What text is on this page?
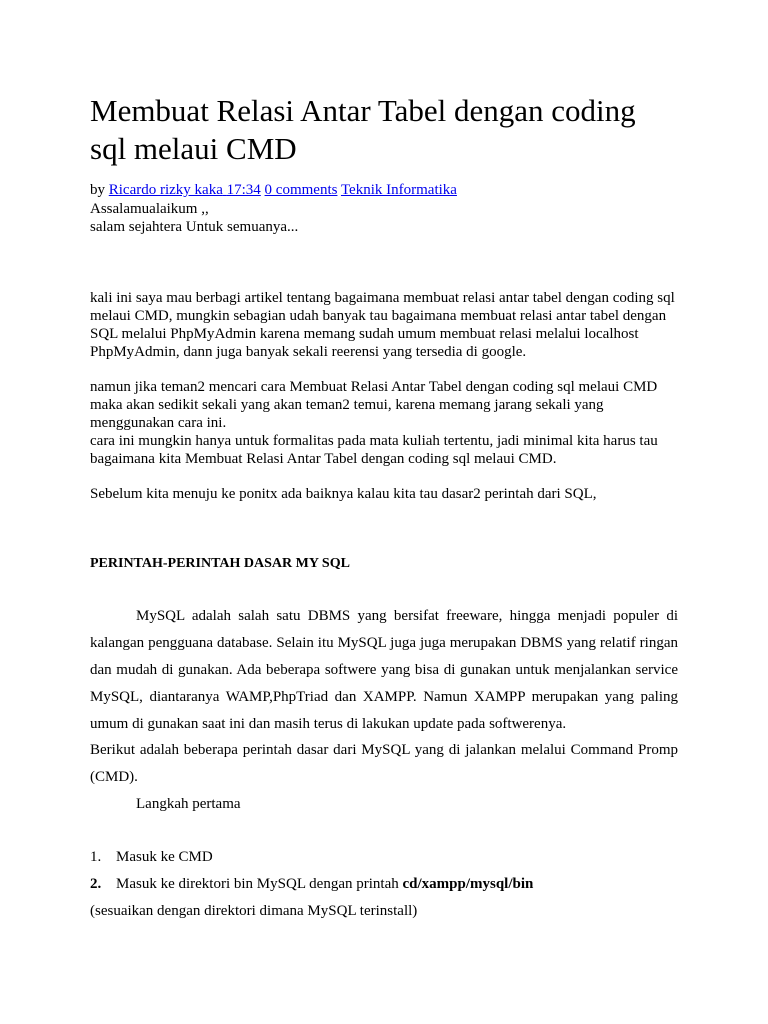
Membuat Relasi Antar Tabel dengan coding
sql melaui CMD
by Ricardo rizky kaka 17:34 0 comments Teknik Informatika
Assalamualaikum ,,
salam sejahtera Untuk semuanya...
kali ini saya mau berbagi artikel tentang bagaimana membuat relasi antar tabel dengan coding sql
melaui CMD, mungkin sebagian udah banyak tau bagaimana membuat relasi antar tabel dengan
SQL melalui PhpMyAdmin karena memang sudah umum membuat relasi melalui localhost
PhpMyAdmin, dann juga banyak sekali reerensi yang tersedia di google.
namun jika teman2 mencari cara Membuat Relasi Antar Tabel dengan coding sql melaui CMD
maka akan sedikit sekali yang akan teman2 temui, karena memang jarang sekali yang
menggunakan cara ini.
cara ini mungkin hanya untuk formalitas pada mata kuliah tertentu, jadi minimal kita harus tau
bagaimana kita Membuat Relasi Antar Tabel dengan coding sql melaui CMD.
Sebelum kita menuju ke ponitx ada baiknya kalau kita tau dasar2 perintah dari SQL,
PERINTAH-PERINTAH DASAR MY SQL
MySQL adalah salah satu DBMS yang bersifat freeware, hingga menjadi populer di
kalangan pengguana database. Selain itu MySQL juga juga merupakan DBMS yang relatif ringan
dan mudah di gunakan. Ada beberapa softwere yang bisa di gunakan untuk menjalankan service
MySQL, diantaranya WAMP,PhpTriad dan XAMPP. Namun XAMPP merupakan yang paling
umum di gunakan saat ini dan masih terus di lakukan update pada softwerenya.
Berikut adalah beberapa perintah dasar dari MySQL yang di jalankan melalui Command Promp
(CMD).
Langkah pertama
1. Masuk ke CMD
2. Masuk ke direktori bin MySQL dengan printah cd/xampp/mysql/bin
(sesuaikan dengan direktori dimana MySQL terinstall)
